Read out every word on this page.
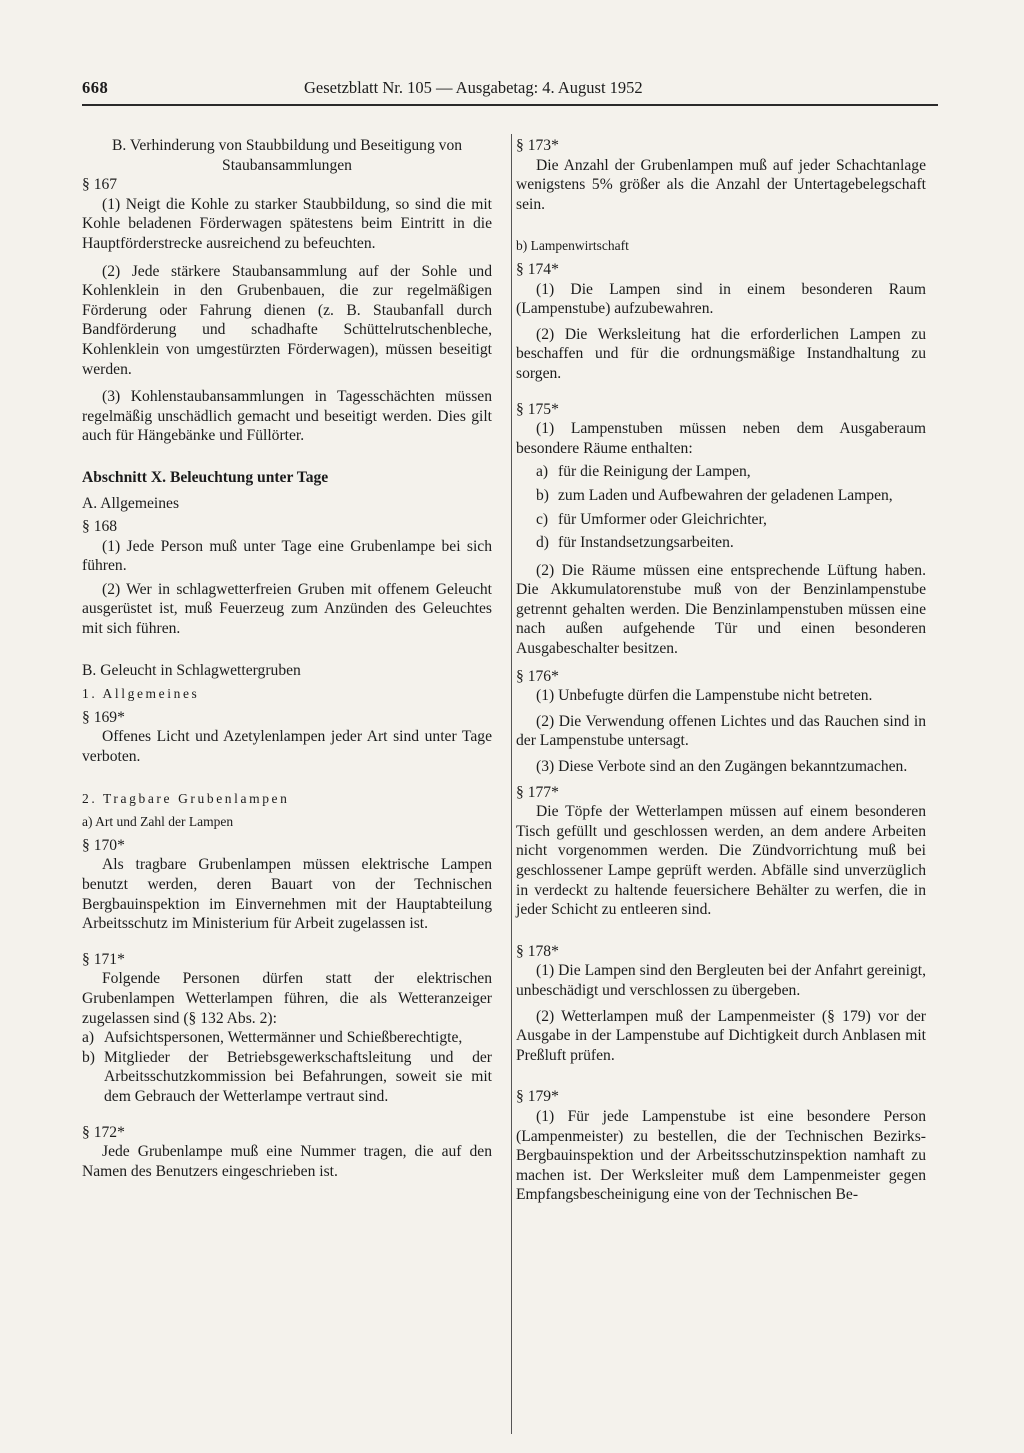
668	Gesetzblatt Nr. 105 — Ausgabetag: 4. August 1952

B. Verhinderung von Staubbildung und Beseitigung von Staubansammlungen

§ 167

(1) Neigt die Kohle zu starker Staubbildung, so sind die mit Kohle beladenen Förderwagen spätestens beim Eintritt in die Hauptförderstrecke ausreichend zu befeuchten.

(2) Jede stärkere Staubansammlung auf der Sohle und Kohlenklein in den Grubenbauen, die zur regelmäßigen Förderung oder Fahrung dienen (z. B. Staubanfall durch Bandförderung und schadhafte Schüttelrutschenbleche, Kohlenklein von umgestürzten Förderwagen), müssen beseitigt werden.

(3) Kohlenstaubansammlungen in Tagesschächten müssen regelmäßig unschädlich gemacht und beseitigt werden. Dies gilt auch für Hängebänke und Füllörter.

Abschnitt X. Beleuchtung unter Tage

A. Allgemeines

§ 168

(1) Jede Person muß unter Tage eine Grubenlampe bei sich führen.

(2) Wer in schlagwetterfreien Gruben mit offenem Geleucht ausgerüstet ist, muß Feuerzeug zum Anzünden des Geleuchtes mit sich führen.

B. Geleucht in Schlagwettergruben

1. Allgemeines

§ 169*

Offenes Licht und Azetylenlampen jeder Art sind unter Tage verboten.

2. Tragbare Grubenlampen

a) Art und Zahl der Lampen

§ 170*

Als tragbare Grubenlampen müssen elektrische Lampen benutzt werden, deren Bauart von der Technischen Bergbauinspektion im Einvernehmen mit der Hauptabteilung Arbeitsschutz im Ministerium für Arbeit zugelassen ist.

§ 171*

Folgende Personen dürfen statt der elektrischen Grubenlampen Wetterlampen führen, die als Wetteranzeiger zugelassen sind (§ 132 Abs. 2):

a) Aufsichtspersonen, Wettermänner und Schießberechtigte,
b) Mitglieder der Betriebsgewerkschaftsleitung und der Arbeitsschutzkommission bei Befahrungen, soweit sie mit dem Gebrauch der Wetterlampe vertraut sind.

§ 172*

Jede Grubenlampe muß eine Nummer tragen, die auf den Namen des Benutzers eingeschrieben ist.

§ 173*

Die Anzahl der Grubenlampen muß auf jeder Schachtanlage wenigstens 5% größer als die Anzahl der Untertagebelegschaft sein.

b) Lampenwirtschaft

§ 174*

(1) Die Lampen sind in einem besonderen Raum (Lampenstube) aufzubewahren.

(2) Die Werksleitung hat die erforderlichen Lampen zu beschaffen und für die ordnungsmäßige Instandhaltung zu sorgen.

§ 175*

(1) Lampenstuben müssen neben dem Ausgaberaum besondere Räume enthalten:

a) für die Reinigung der Lampen,
b) zum Laden und Aufbewahren der geladenen Lampen,
c) für Umformer oder Gleichrichter,
d) für Instandsetzungsarbeiten.

(2) Die Räume müssen eine entsprechende Lüftung haben. Die Akkumulatorenstube muß von der Benzinlampenstube getrennt gehalten werden. Die Benzinlampenstuben müssen eine nach außen aufgehende Tür und einen besonderen Ausgabeschalter besitzen.

§ 176*

(1) Unbefugte dürfen die Lampenstube nicht betreten.

(2) Die Verwendung offenen Lichtes und das Rauchen sind in der Lampenstube untersagt.

(3) Diese Verbote sind an den Zugängen bekanntzumachen.

§ 177*

Die Töpfe der Wetterlampen müssen auf einem besonderen Tisch gefüllt und geschlossen werden, an dem andere Arbeiten nicht vorgenommen werden. Die Zündvorrichtung muß bei geschlossener Lampe geprüft werden. Abfälle sind unverzüglich in verdeckt zu haltende feuersichere Behälter zu werfen, die in jeder Schicht zu entleeren sind.

§ 178*

(1) Die Lampen sind den Bergleuten bei der Anfahrt gereinigt, unbeschädigt und verschlossen zu übergeben.

(2) Wetterlampen muß der Lampenmeister (§ 179) vor der Ausgabe in der Lampenstube auf Dichtigkeit durch Anblasen mit Preßluft prüfen.

§ 179*

(1) Für jede Lampenstube ist eine besondere Person (Lampenmeister) zu bestellen, die der Technischen Bezirks-Bergbauinspektion und der Arbeitsschutzinspektion namhaft zu machen ist. Der Werksleiter muß dem Lampenmeister gegen Empfangsbescheinigung eine von der Technischen Be-
